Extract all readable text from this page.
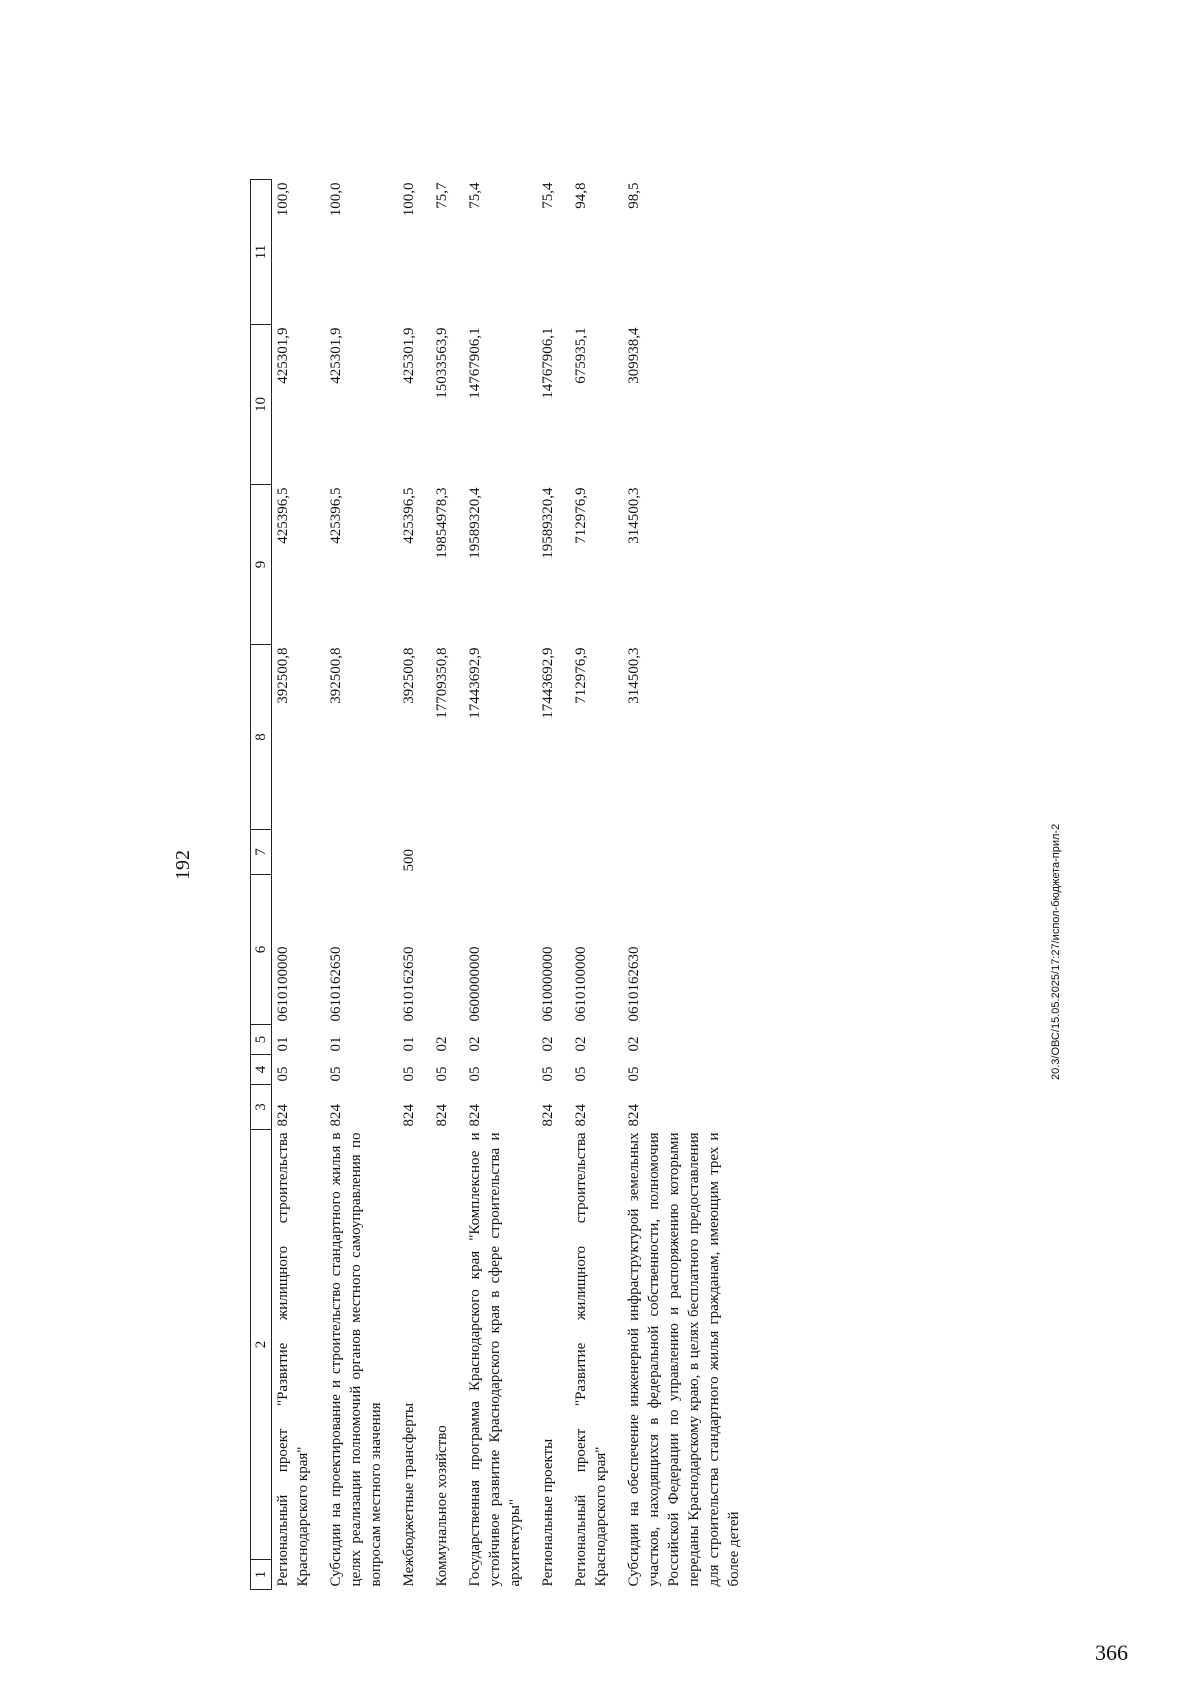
192
1	2	3	4	5	6	7	8	9	10	11
Региональный проект "Развитие жилищного строительства Краснодарского края"		824	05	01	0610100000		392500,8	425396,5	425301,9	100,0
Субсидии на проектирование и строительство стандартного жилья в целях реализации полномочий органов местного самоуправления по вопросам местного значения		824	05	01	0610162650		392500,8	425396,5	425301,9	100,0
Межбюджетные трансферты		824	05	01	0610162650	500	392500,8	425396,5	425301,9	100,0
Коммунальное хозяйство		824	05	02			17709350,8	19854978,3	15033563,9	75,7
Государственная программа Краснодарского края "Комплексное и устойчивое развитие Краснодарского края в сфере строительства и архитектуры"		824	05	02	0600000000		17443692,9	19589320,4	14767906,1	75,4
Региональные проекты		824	05	02	0610000000		17443692,9	19589320,4	14767906,1	75,4
Региональный проект "Развитие жилищного строительства Краснодарского края"		824	05	02	0610100000		712976,9	712976,9	675935,1	94,8
Субсидии на обеспечение инженерной инфраструктурой земельных участков, находящихся в федеральной собственности, полномочия Российской Федерации по управлению и распоряжению которыми переданы Краснодарскому краю, в целях бесплатного предоставления для строительства стандартного жилья гражданам, имеющим трех и более детей		824	05	02	0610162630		314500,3	314500,3	309938,4	98,5
20.3/ОВС/15.05.2025/17:27/испол-бюджета-прил-2
366
